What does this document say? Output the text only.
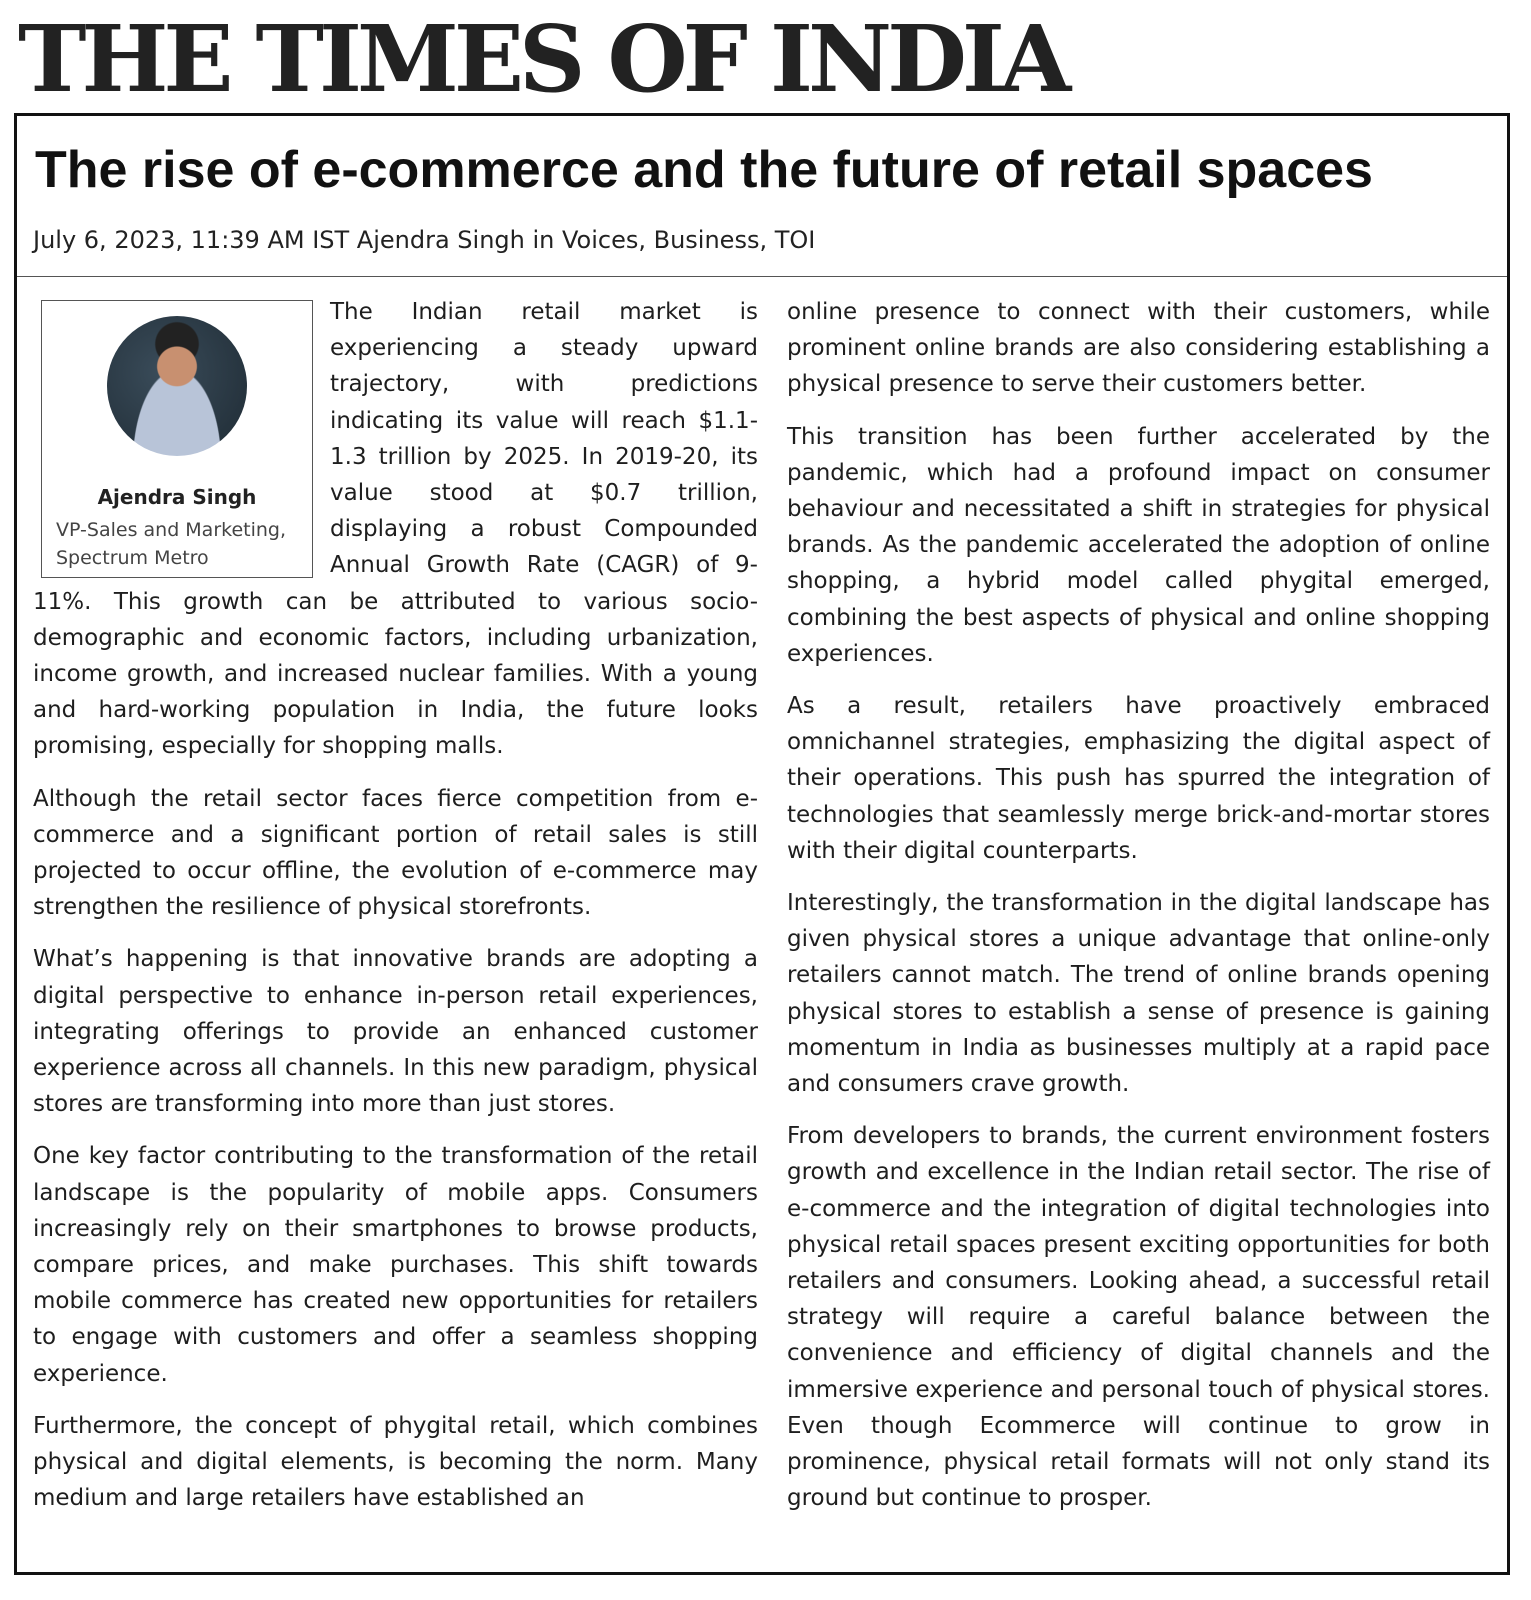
THE TIMES OF INDIA
The rise of e-commerce and the future of retail spaces
July 6, 2023, 11:39 AM IST Ajendra Singh in Voices, Business, TOI
Ajendra Singh
VP-Sales and Marketing,
Spectrum Metro

The Indian retail market is experiencing a steady upward trajectory, with predictions indicating its value will reach $1.1-1.3 trillion by 2025. In 2019-20, its value stood at $0.7 trillion, displaying a robust Compounded Annual Growth Rate (CAGR) of 9-11%. This growth can be attributed to various socio-demographic and economic factors, including urbanization, income growth, and increased nuclear families. With a young and hard-working population in India, the future looks promising, especially for shopping malls.

Although the retail sector faces fierce competition from e-commerce and a significant portion of retail sales is still projected to occur offline, the evolution of e-commerce may strengthen the resilience of physical storefronts.

What’s happening is that innovative brands are adopting a digital perspective to enhance in-person retail experiences, integrating offerings to provide an enhanced customer experience across all channels. In this new paradigm, physical stores are transforming into more than just stores.

One key factor contributing to the transformation of the retail landscape is the popularity of mobile apps. Consumers increasingly rely on their smartphones to browse products, compare prices, and make purchases. This shift towards mobile commerce has created new opportunities for retailers to engage with customers and offer a seamless shopping experience.

Furthermore, the concept of phygital retail, which combines physical and digital elements, is becoming the norm. Many medium and large retailers have established an

online presence to connect with their customers, while prominent online brands are also considering establishing a physical presence to serve their customers better.

This transition has been further accelerated by the pandemic, which had a profound impact on consumer behaviour and necessitated a shift in strategies for physical brands. As the pandemic accelerated the adoption of online shopping, a hybrid model called phygital emerged, combining the best aspects of physical and online shopping experiences.

As a result, retailers have proactively embraced omnichannel strategies, emphasizing the digital aspect of their operations. This push has spurred the integration of technologies that seamlessly merge brick-and-mortar stores with their digital counterparts.

Interestingly, the transformation in the digital landscape has given physical stores a unique advantage that online-only retailers cannot match. The trend of online brands opening physical stores to establish a sense of presence is gaining momentum in India as businesses multiply at a rapid pace and consumers crave growth.

From developers to brands, the current environment fosters growth and excellence in the Indian retail sector. The rise of e-commerce and the integration of digital technologies into physical retail spaces present exciting opportunities for both retailers and consumers. Looking ahead, a successful retail strategy will require a careful balance between the convenience and efficiency of digital channels and the immersive experience and personal touch of physical stores. Even though Ecommerce will continue to grow in prominence, physical retail formats will not only stand its ground but continue to prosper.
